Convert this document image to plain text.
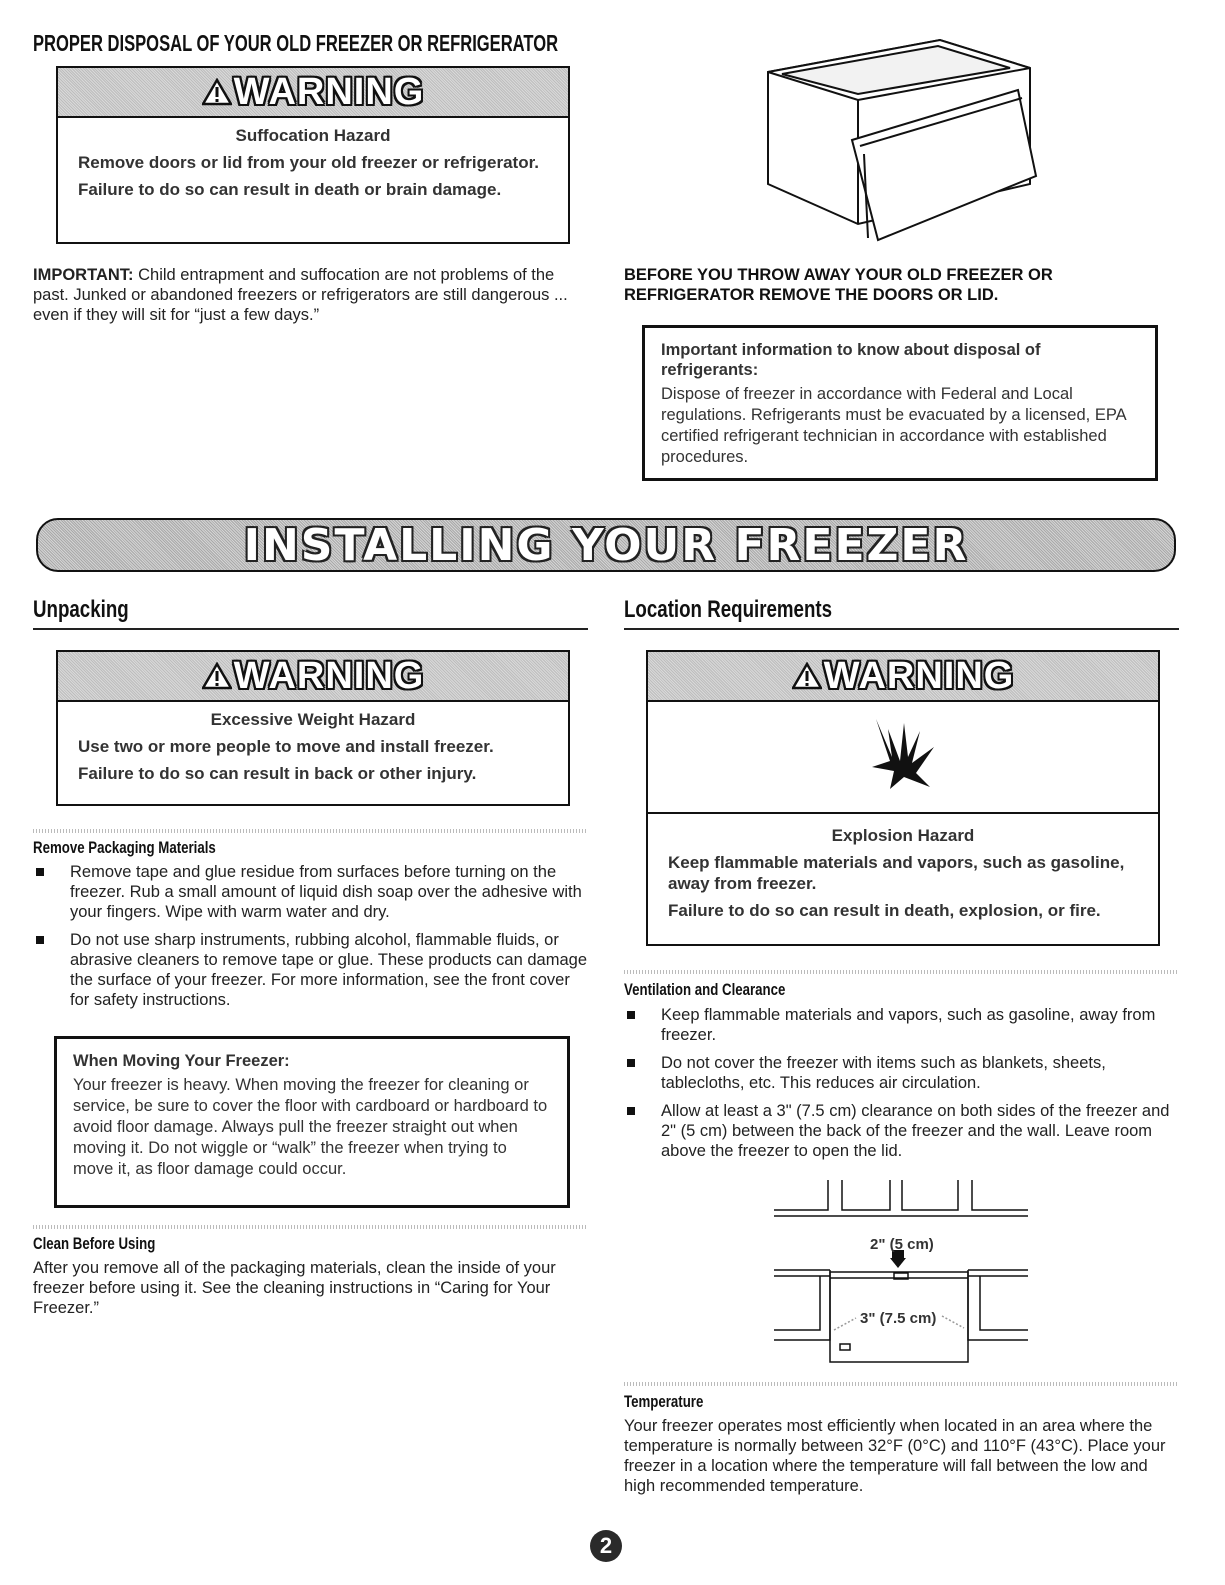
PROPER DISPOSAL OF YOUR OLD FREEZER OR REFRIGERATOR
WARNING
Suffocation Hazard

Remove doors or lid from your old freezer or refrigerator.

Failure to do so can result in death or brain damage.

IMPORTANT: Child entrapment and suffocation are not problems of the past. Junked or abandoned freezers or refrigerators are still dangerous ... even if they will sit for “just a few days.”
BEFORE YOU THROW AWAY YOUR OLD FREEZER OR REFRIGERATOR REMOVE THE DOORS OR LID.
Important information to know about disposal of refrigerants:
Dispose of freezer in accordance with Federal and Local regulations. Refrigerants must be evacuated by a licensed, EPA certified refrigerant technician in accordance with established procedures.
INSTALLING YOUR FREEZER
Unpacking
WARNING
Excessive Weight Hazard

Use two or more people to move and install freezer.

Failure to do so can result in back or other injury.

Remove Packaging Materials
Remove tape and glue residue from surfaces before turning on the freezer. Rub a small amount of liquid dish soap over the adhesive with your fingers. Wipe with warm water and dry.
Do not use sharp instruments, rubbing alcohol, flammable fluids, or abrasive cleaners to remove tape or glue. These products can damage the surface of your freezer. For more information, see the front cover for safety instructions.
When Moving Your Freezer:
Your freezer is heavy. When moving the freezer for cleaning or service, be sure to cover the floor with cardboard or hardboard to avoid floor damage. Always pull the freezer straight out when moving it. Do not wiggle or “walk” the freezer when trying to move it, as floor damage could occur.
Clean Before Using
After you remove all of the packaging materials, clean the inside of your freezer before using it. See the cleaning instructions in “Caring for Your Freezer.”
Location Requirements
WARNING
Explosion Hazard

Keep flammable materials and vapors, such as gasoline, away from freezer.

Failure to do so can result in death, explosion, or fire.

Ventilation and Clearance
Keep flammable materials and vapors, such as gasoline, away from freezer.
Do not cover the freezer with items such as blankets, sheets, tablecloths, etc. This reduces air circulation.
Allow at least a 3" (7.5 cm) clearance on both sides of the freezer and 2" (5 cm) between the back of the freezer and the wall. Leave room above the freezer to open the lid.
2" (5 cm)
3" (7.5 cm)
Temperature
Your freezer operates most efficiently when located in an area where the temperature is normally between 32°F (0°C) and 110°F (43°C). Place your freezer in a location where the temperature will fall between the low and high recommended temperature.
2
